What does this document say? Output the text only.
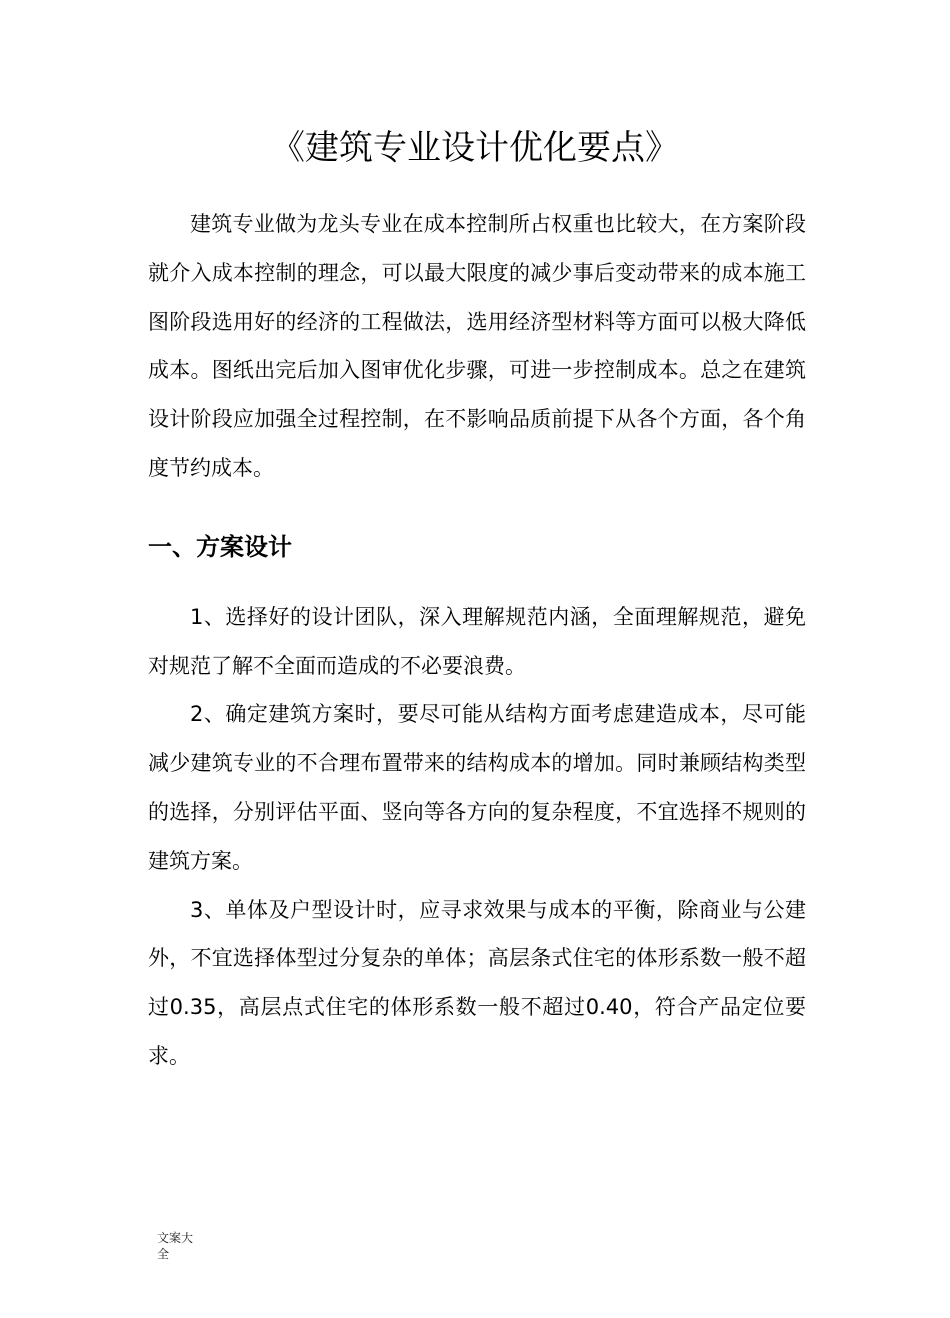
《建筑专业设计优化要点》

建筑专业做为龙头专业在成本控制所占权重也比较大，在方案阶段就介入成本控制的理念，可以最大限度的减少事后变动带来的成本施工图阶段选用好的经济的工程做法，选用经济型材料等方面可以极大降低成本。图纸出完后加入图审优化步骤，可进一步控制成本。总之在建筑设计阶段应加强全过程控制，在不影响品质前提下从各个方面，各个角度节约成本。

一、方案设计

1、选择好的设计团队，深入理解规范内涵，全面理解规范，避免对规范了解不全面而造成的不必要浪费。

2、确定建筑方案时，要尽可能从结构方面考虑建造成本，尽可能减少建筑专业的不合理布置带来的结构成本的增加。同时兼顾结构类型的选择，分别评估平面、竖向等各方向的复杂程度，不宜选择不规则的建筑方案。

3、单体及户型设计时，应寻求效果与成本的平衡，除商业与公建外，不宜选择体型过分复杂的单体；高层条式住宅的体形系数一般不超过0.35，高层点式住宅的体形系数一般不超过0.40，符合产品定位要求。

文案大全
